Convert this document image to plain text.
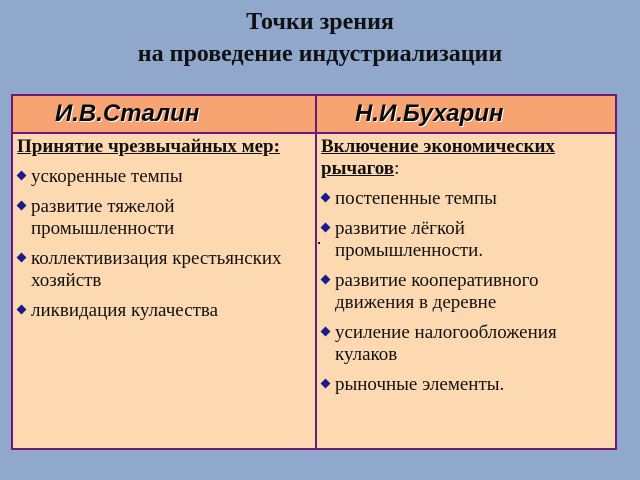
Точки зрения
на проведение индустриализации
И.В.Сталин	Н.И.Бухарин
Принятие чрезвычайных мер:
ускоренные темпы
развитие тяжелой промышленности
коллективизация крестьянских хозяйств
ликвидация кулачества
Включение экономических рычагов:
постепенные темпы
развитие лёгкой промышленности.
развитие кооперативного движения в деревне
усиление налогообложения кулаков
рыночные элементы.
